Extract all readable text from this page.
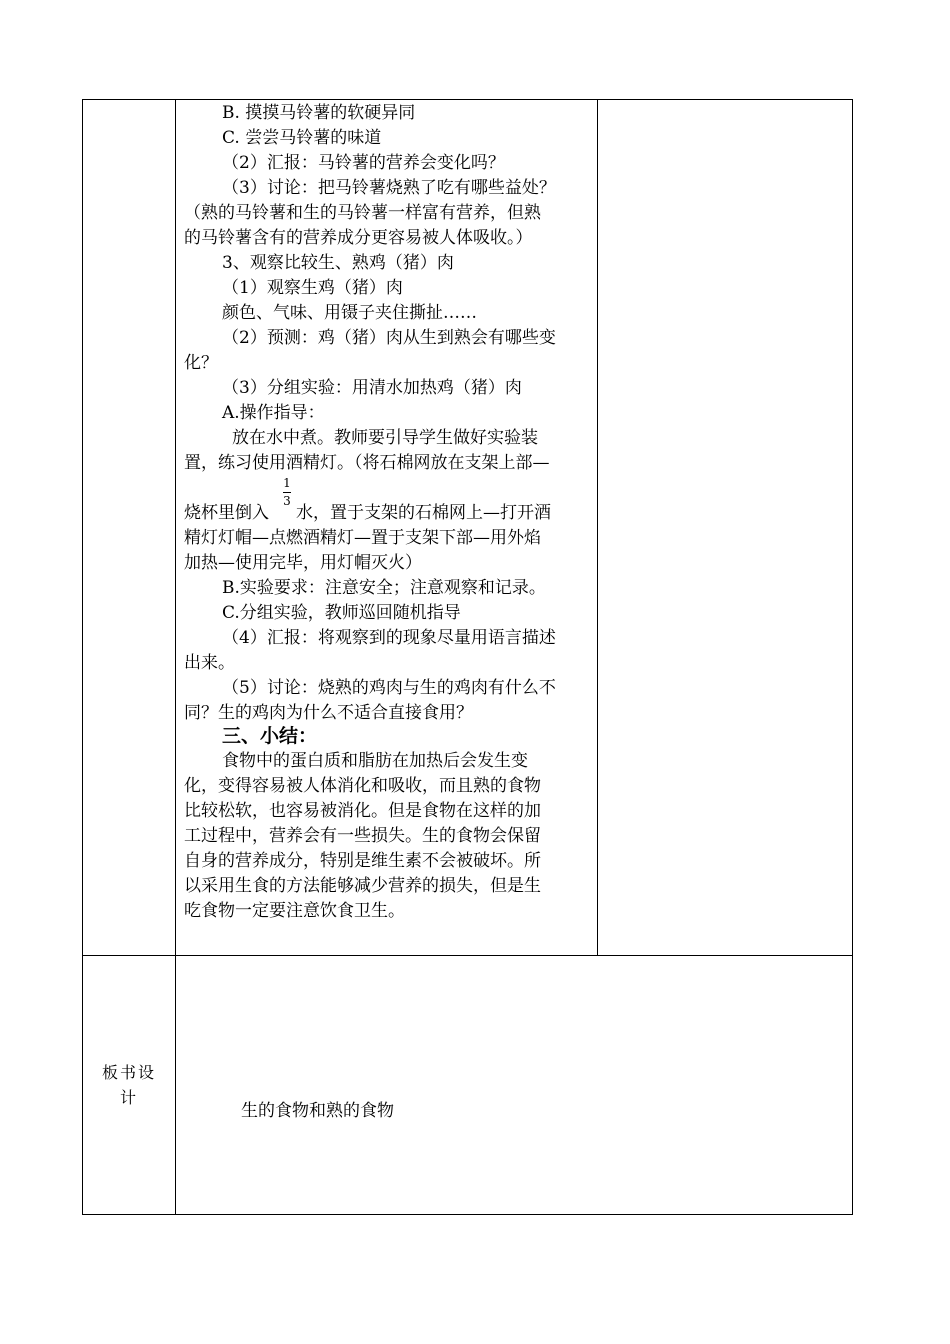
B. 摸摸马铃薯的软硬异同
C. 尝尝马铃薯的味道
（2）汇报：马铃薯的营养会变化吗？
（3）讨论：把马铃薯烧熟了吃有哪些益处？
（熟的马铃薯和生的马铃薯一样富有营养，但熟
的马铃薯含有的营养成分更容易被人体吸收。）
3、观察比较生、熟鸡（猪）肉
（1）观察生鸡（猪）肉
颜色、气味、用镊子夹住撕扯……
（2）预测：鸡（猪）肉从生到熟会有哪些变
化？
（3）分组实验：用清水加热鸡（猪）肉
A.操作指导：
放在水中煮。教师要引导学生做好实验装
置，练习使用酒精灯。（将石棉网放在支架上部—
烧杯里倒入
1
3
水，置于支架的石棉网上—打开酒
精灯灯帽—点燃酒精灯—置于支架下部—用外焰
加热—使用完毕，用灯帽灭火）
B.实验要求：注意安全；注意观察和记录。
C.分组实验，教师巡回随机指导
（4）汇报：将观察到的现象尽量用语言描述
出来。
（5）讨论：烧熟的鸡肉与生的鸡肉有什么不
同？生的鸡肉为什么不适合直接食用？
三、小结：
食物中的蛋白质和脂肪在加热后会发生变
化，变得容易被人体消化和吸收，而且熟的食物
比较松软，也容易被消化。但是食物在这样的加
工过程中，营养会有一些损失。生的食物会保留
自身的营养成分，特别是维生素不会被破坏。所
以采用生食的方法能够减少营养的损失，但是生
吃食物一定要注意饮食卫生。
板书设计
生的食物和熟的食物
